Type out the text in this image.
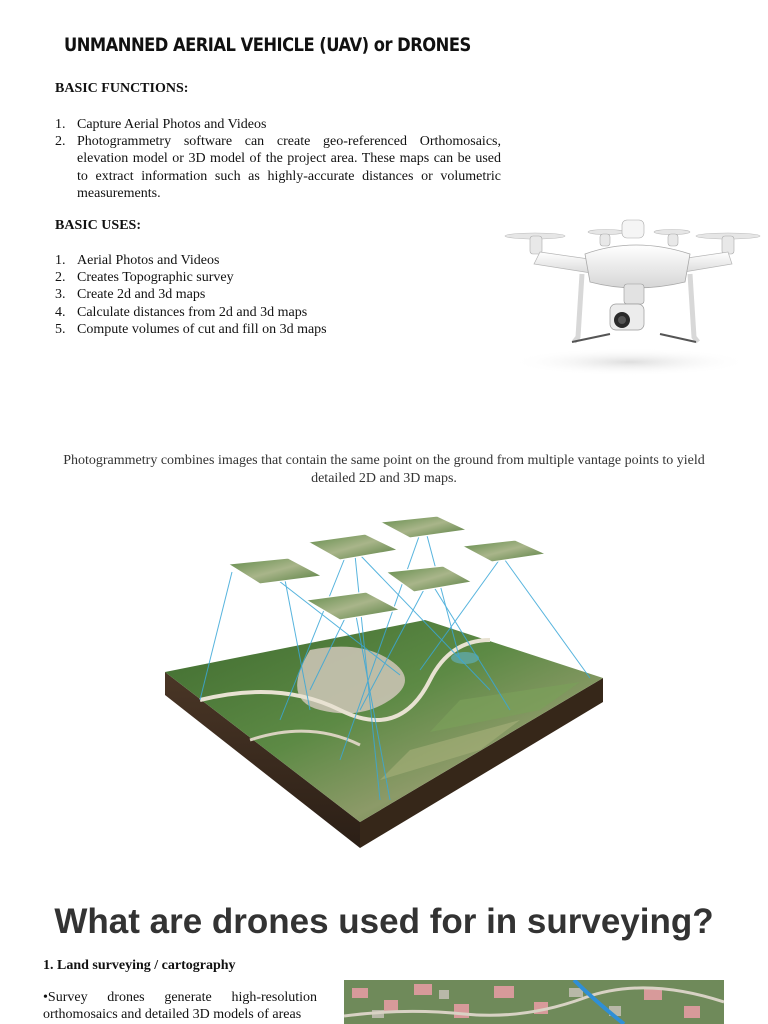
UNMANNED AERIAL VEHICLE (UAV) or DRONES

BASIC FUNCTIONS:

1. Capture Aerial Photos and Videos
2. Photogrammetry software can create geo-referenced Orthomosaics, elevation model or 3D model of the project area. These maps can be used to extract information such as highly-accurate distances or volumetric measurements.

BASIC USES:

1. Aerial Photos and Videos
2. Creates Topographic survey
3. Create 2d and 3d maps
4. Calculate distances from 2d and 3d maps
5. Compute volumes of cut and fill on 3d maps
Photogrammetry combines images that contain the same point on the ground from multiple vantage points to yield detailed 2D and 3D maps.
What are drones used for in surveying?

1. Land surveying / cartography

•Survey drones generate high-resolution orthomosaics and detailed 3D models of areas
